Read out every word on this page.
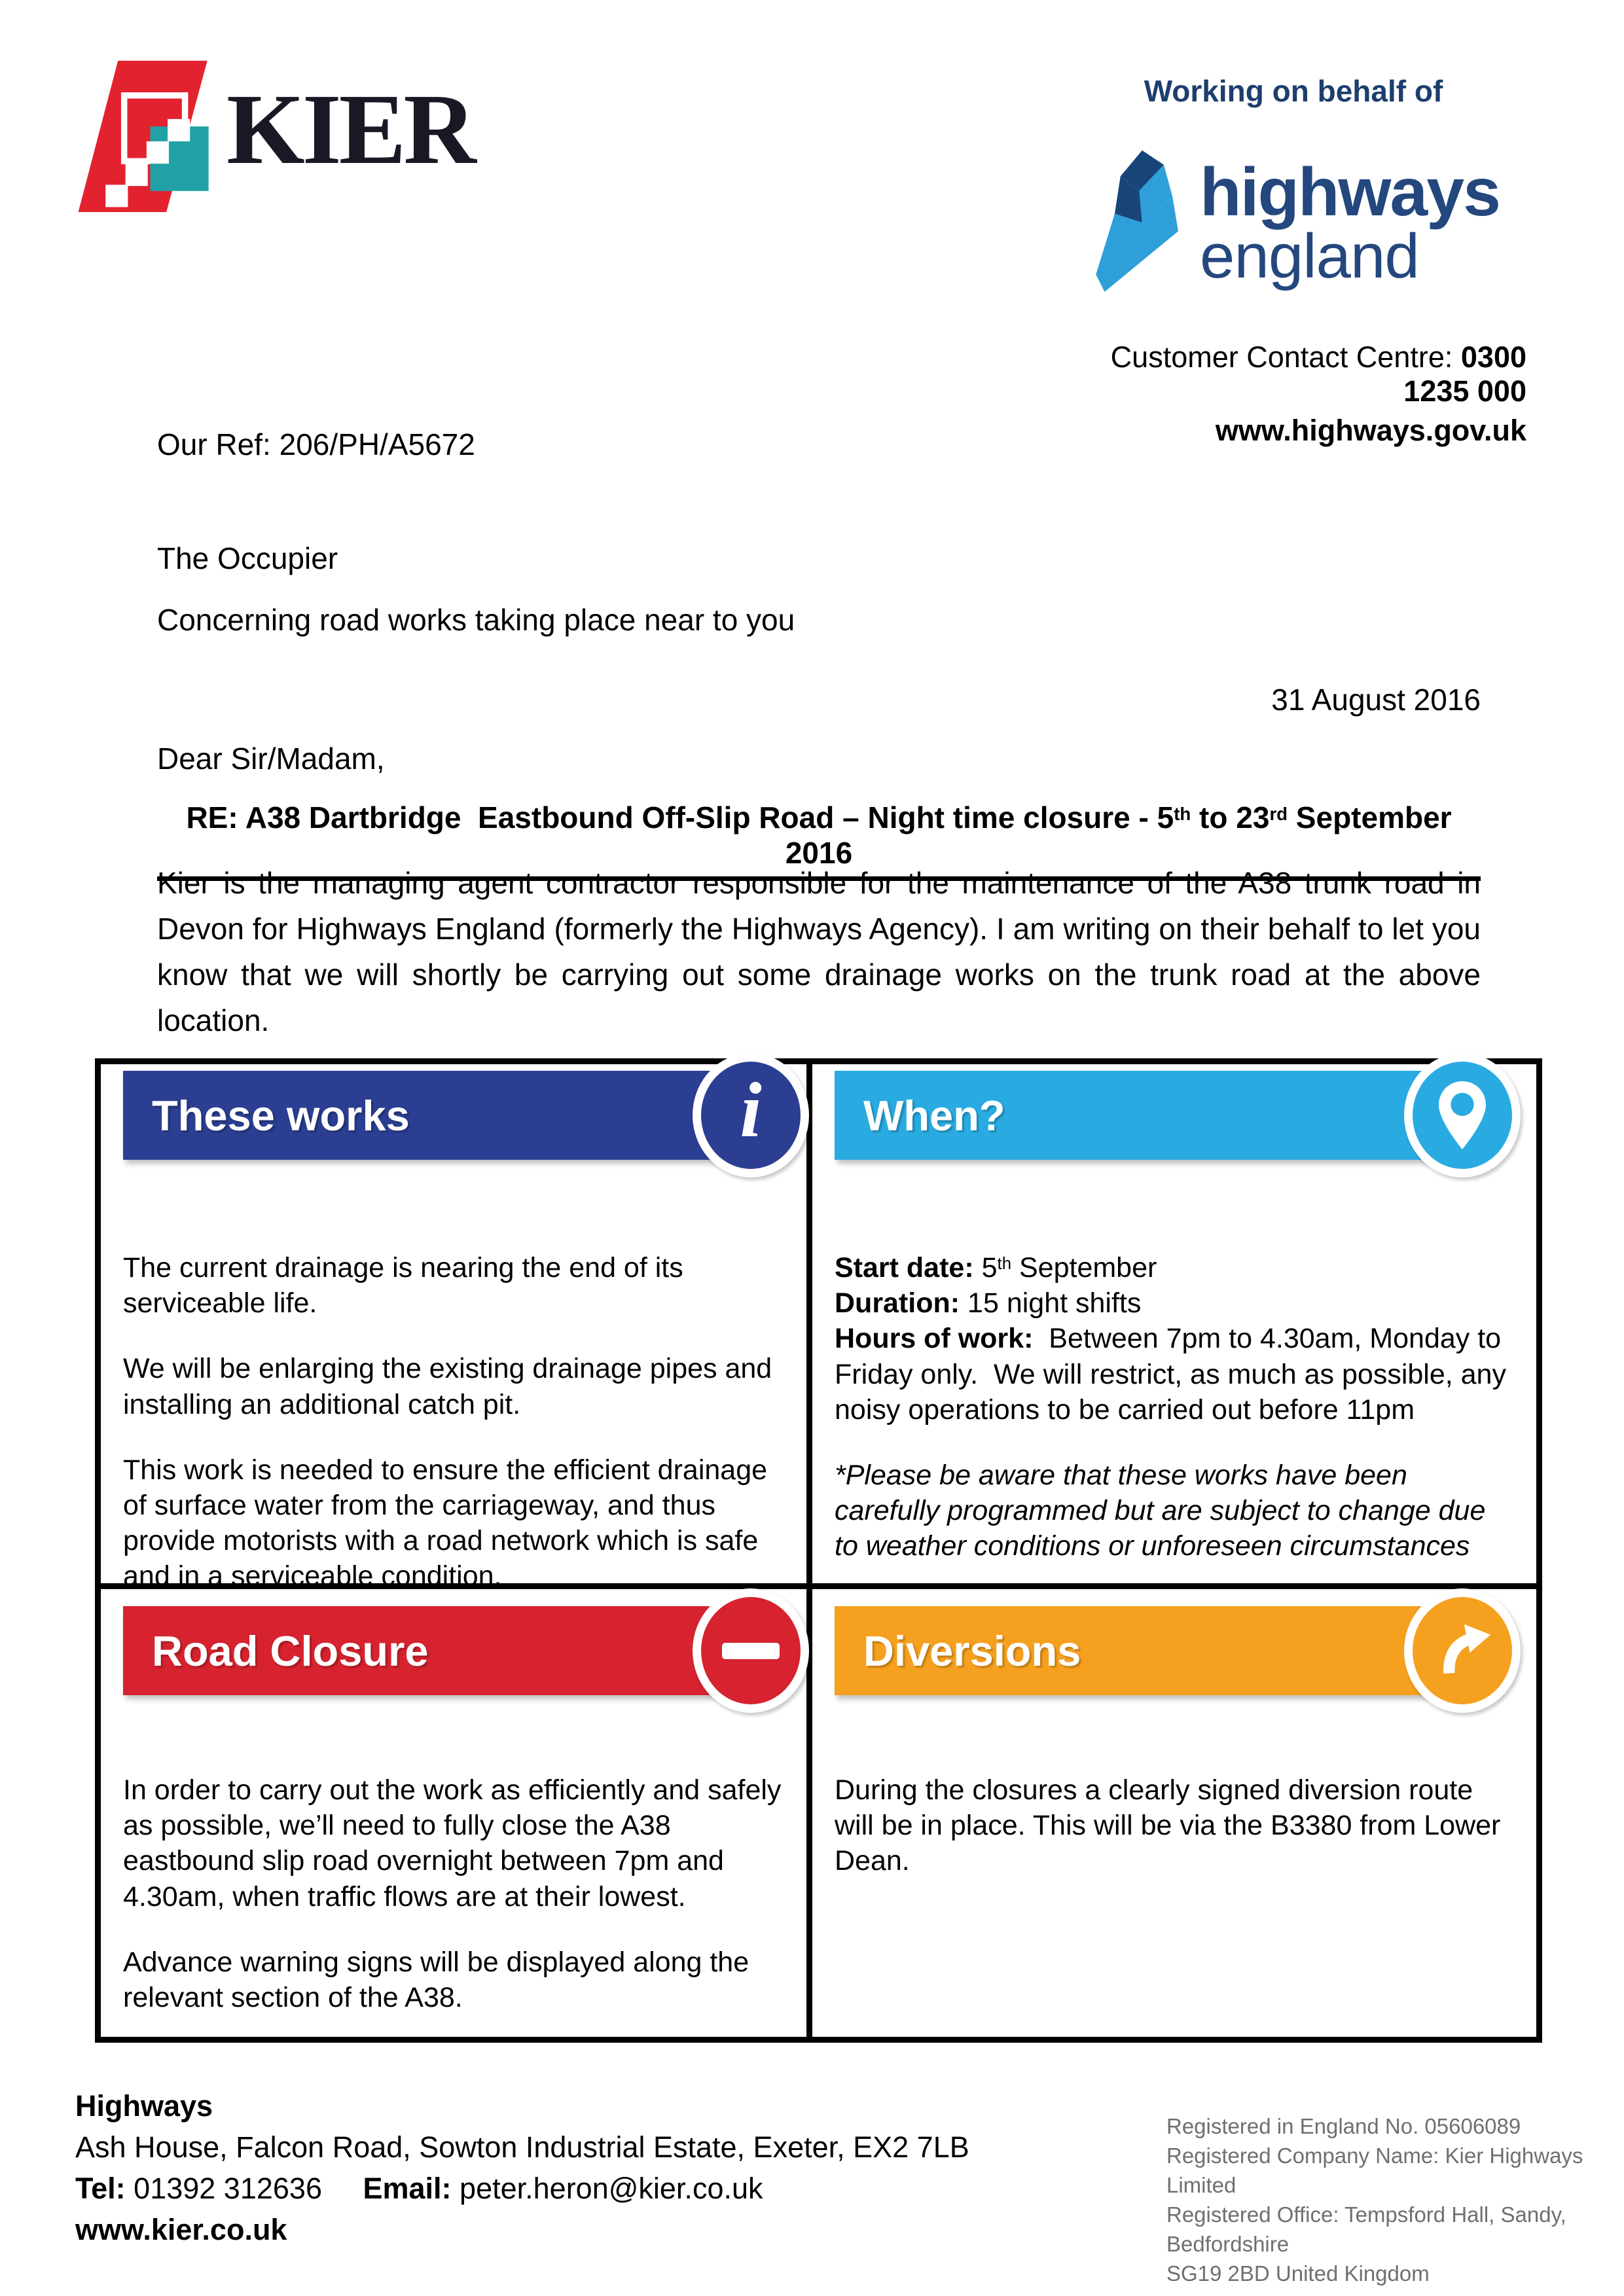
KIER	Working on behalf of
highways
england
Customer Contact Centre: 0300 1235 000
www.highways.gov.uk
Our Ref: 206/PH/A5672
The Occupier
Concerning road works taking place near to you
31 August 2016
Dear Sir/Madam,
RE: A38 Dartbridge  Eastbound Off-Slip Road – Night time closure - 5th to 23rd September 2016
Kier is the managing agent contractor responsible for the maintenance of the A38 trunk road in Devon for Highways England (formerly the Highways Agency). I am writing on their behalf to let you know that we will shortly be carrying out some drainage works on the trunk road at the above location.
These works	i

The current drainage is nearing the end of its serviceable life.

We will be enlarging the existing drainage pipes and installing an additional catch pit.

This work is needed to ensure the efficient drainage of surface water from the carriageway, and thus provide motorists with a road network which is safe and in a serviceable condition.

When?

Start date: 5th September

Duration: 15 night shifts

Hours of work:  Between 7pm to 4.30am, Monday to Friday only.  We will restrict, as much as possible, any noisy operations to be carried out before 11pm

*Please be aware that these works have been carefully programmed but are subject to change due to weather conditions or unforeseen circumstances

Road Closure

In order to carry out the work as efficiently and safely as possible, we’ll need to fully close the A38 eastbound slip road overnight between 7pm and 4.30am, when traffic flows are at their lowest.

Advance warning signs will be displayed along the relevant section of the A38.

Diversions

During the closures a clearly signed diversion route will be in place. This will be via the B3380 from Lower Dean.

Highways
Ash House, Falcon Road, Sowton Industrial Estate, Exeter, EX2 7LB
Tel: 01392 312636 Email: peter.heron@kier.co.uk
www.kier.co.uk
Registered in England No. 05606089
Registered Company Name: Kier Highways Limited
Registered Office: Tempsford Hall, Sandy, Bedfordshire
SG19 2BD United Kingdom
